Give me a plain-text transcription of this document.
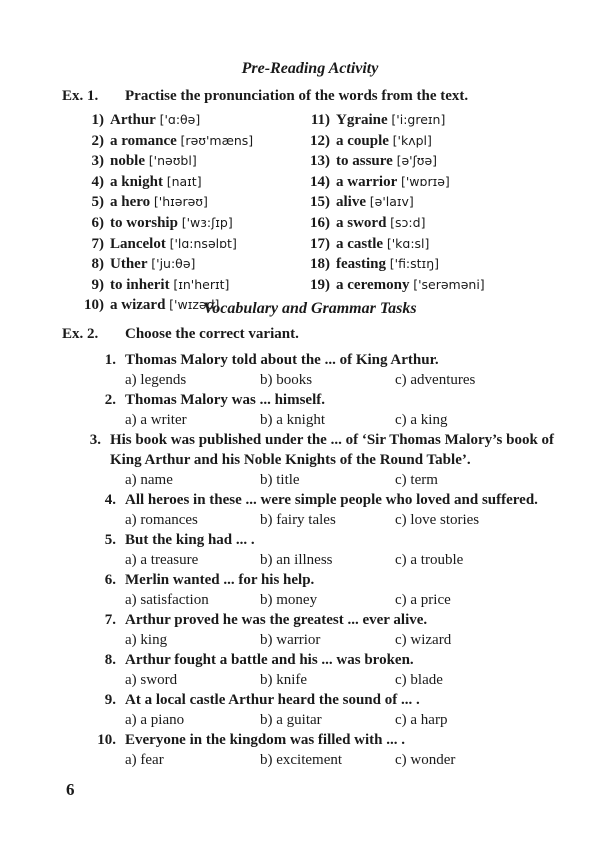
Pre-Reading Activity
Ex. 1. Practise the pronunciation of the words from the text.
1) Arthur ['ɑ:θə]
2) a romance [rəʊ'mæns]
3) noble ['nəʊbl]
4) a knight [naɪt]
5) a hero ['hɪərəʊ]
6) to worship ['wɜ:ʃɪp]
7) Lancelot ['lɑ:nsəlɒt]
8) Uther ['ju:θə]
9) to inherit [ɪn'herɪt]
10) a wizard ['wɪzəd]
11) Ygraine ['i:greɪn]
12) a couple ['kʌpl]
13) to assure [ə'ʃʊə]
14) a warrior ['wɒrɪə]
15) alive [ə'laɪv]
16) a sword [sɔ:d]
17) a castle ['kɑ:sl]
18) feasting ['fi:stɪŋ]
19) a ceremony ['serəməni]
Vocabulary and Grammar Tasks
Ex. 2. Choose the correct variant.
1. Thomas Malory told about the ... of King Arthur.
a) legends	b) books	c) adventures
2. Thomas Malory was ... himself.
a) a writer	b) a knight	c) a king
3. His book was published under the ... of ‘Sir Thomas Malory’s book of King Arthur and his Noble Knights of the Round Table’.
a) name	b) title	c) term
4. All heroes in these ... were simple people who loved and suffered.
a) romances	b) fairy tales	c) love stories
5. But the king had ... .
a) a treasure	b) an illness	c) a trouble
6. Merlin wanted ... for his help.
a) satisfaction	b) money	c) a price
7. Arthur proved he was the greatest ... ever alive.
a) king	b) warrior	c) wizard
8. Arthur fought a battle and his ... was broken.
a) sword	b) knife	c) blade
9. At a local castle Arthur heard the sound of ... .
a) a piano	b) a guitar	c) a harp
10. Everyone in the kingdom was filled with ... .
a) fear	b) excitement	c) wonder
6
